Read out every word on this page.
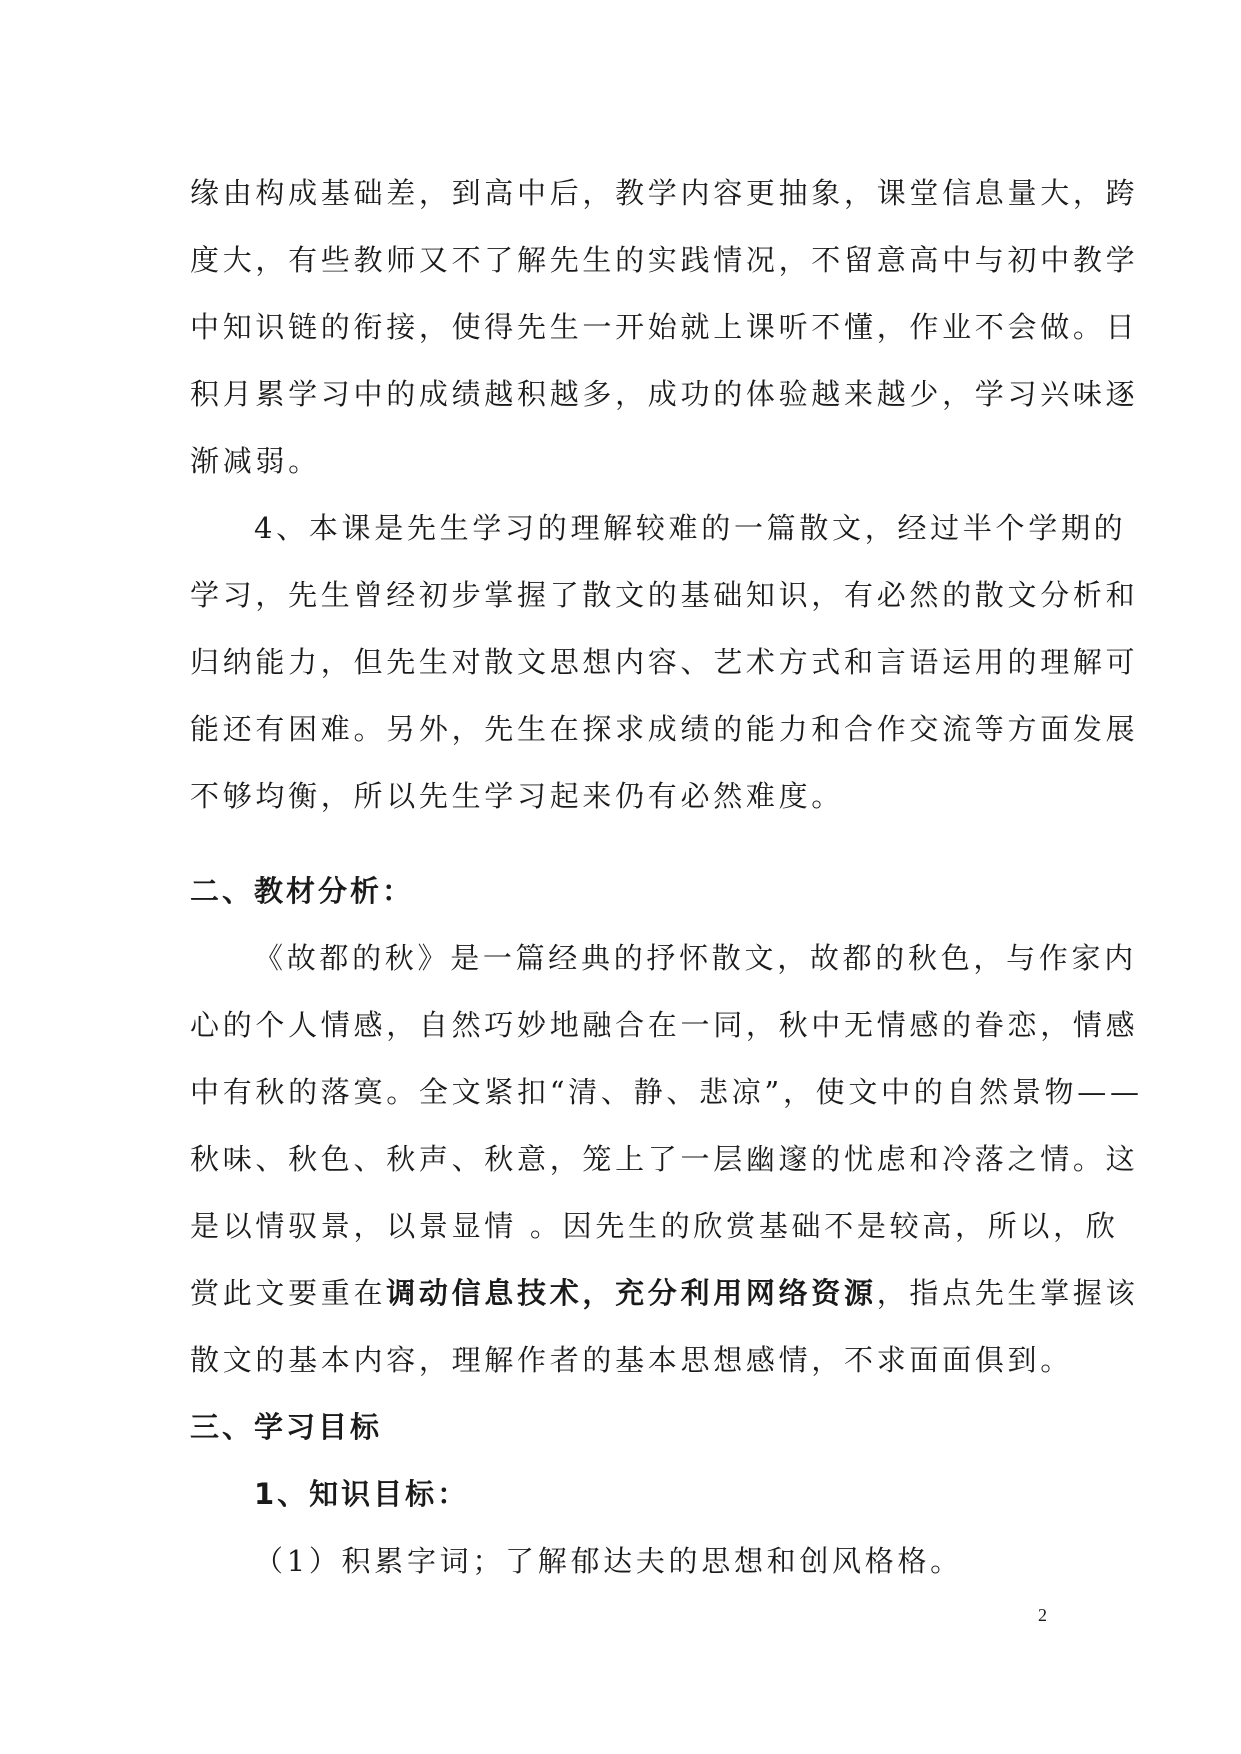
缘由构成基础差，到高中后，教学内容更抽象，课堂信息量大，跨
度大，有些教师又不了解先生的实践情况，不留意高中与初中教学
中知识链的衔接，使得先生一开始就上课听不懂，作业不会做。日
积月累学习中的成绩越积越多，成功的体验越来越少，学习兴味逐
渐减弱。
4、本课是先生学习的理解较难的一篇散文，经过半个学期的
学习，先生曾经初步掌握了散文的基础知识，有必然的散文分析和
归纳能力，但先生对散文思想内容、艺术方式和言语运用的理解可
能还有困难。另外，先生在探求成绩的能力和合作交流等方面发展
不够均衡，所以先生学习起来仍有必然难度。
二、教材分析：
《故都的秋》是一篇经典的抒怀散文，故都的秋色，与作家内
心的个人情感，自然巧妙地融合在一同，秋中无情感的眷恋，情感
中有秋的落寞。全文紧扣“清、静、悲凉”，使文中的自然景物——
秋味、秋色、秋声、秋意，笼上了一层幽邃的忧虑和冷落之情。这
是以情驭景，以景显情 。因先生的欣赏基础不是较高，所以，欣
赏此文要重在调动信息技术，充分利用网络资源，指点先生掌握该
散文的基本内容，理解作者的基本思想感情，不求面面俱到。
三、学习目标
1、知识目标：
（1）积累字词；了解郁达夫的思想和创风格格。
2
